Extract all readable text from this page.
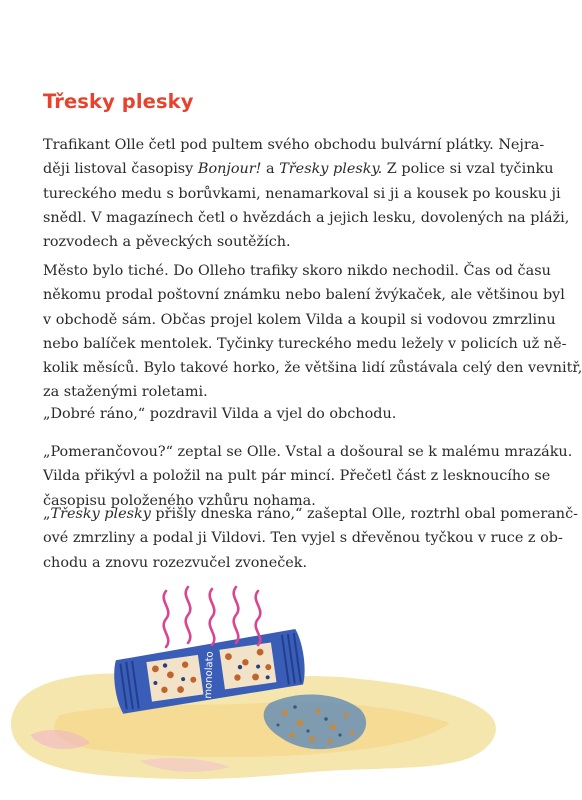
Třesky plesky
Trafikant Olle četl pod pultem svého obchodu bulvární plátky. Nejra-
ději listoval časopisy Bonjour! a Třesky plesky. Z police si vzal tyčinku
tureckého medu s borůvkami, nenamarkoval si ji a kousek po kousku ji
snědl. V magazínech četl o hvězdách a jejich lesku, dovolených na pláži,
rozvodech a pěveckých soutěžích.
Město bylo tiché. Do Olleho trafiky skoro nikdo nechodil. Čas od času
někomu prodal poštovní známku nebo balení žvýkaček, ale většinou byl
v obchodě sám. Občas projel kolem Vilda a koupil si vodovou zmrzlinu
nebo balíček mentolek. Tyčinky tureckého medu ležely v policích už ně-
kolik měsíců. Bylo takové horko, že většina lidí zůstávala celý den vevnitř,
za staženými roletami.
„Dobré ráno,“ pozdravil Vilda a vjel do obchodu.
„Pomerančovou?“ zeptal se Olle. Vstal a došoural se k malému mrazáku.
Vilda přikývl a položil na pult pár mincí. Přečetl část z lesknoucího se
časopisu položeného vzhůru nohama.
„Třesky plesky přišly dneska ráno,“ zašeptal Olle, roztrhl obal pomeranč-
ové zmrzliny a podal ji Vildovi. Ten vyjel s dřevěnou tyčkou v ruce z ob-
chodu a znovu rozezvučel zvoneček.
monolato
